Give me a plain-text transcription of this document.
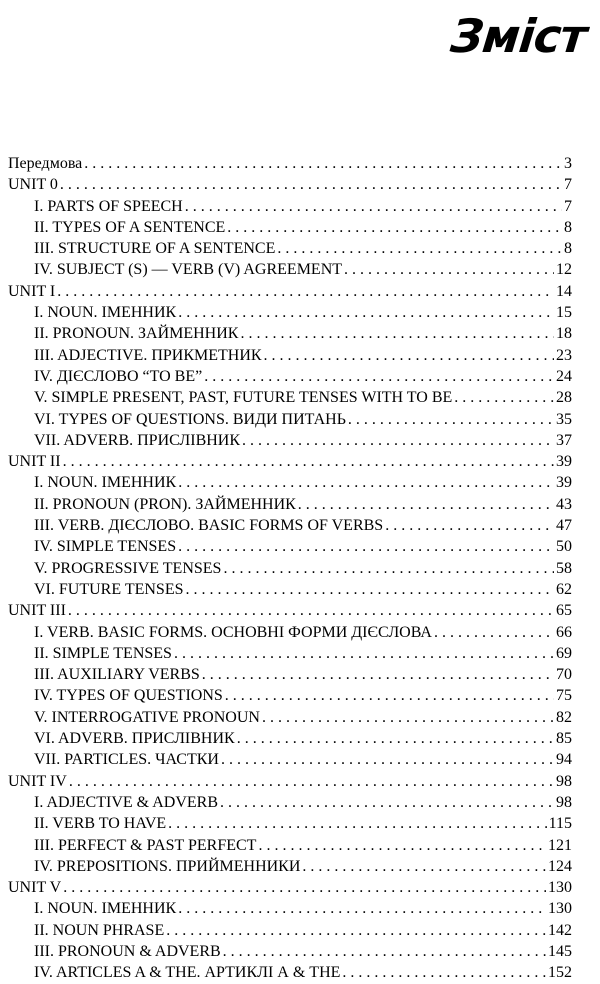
Зміст
Передмова . . .	3
UNIT 0 . . .	7
I. PARTS OF SPEECH . . .	7
II. TYPES OF A SENTENCE . . .	8
III. STRUCTURE OF A SENTENCE . . .	8
IV. SUBJECT (S) — VERB (V) AGREEMENT . . .	12
UNIT I . . .	14
I. NOUN. ІМЕННИК . . .	15
II. PRONOUN. ЗАЙМЕННИК . . .	18
III. ADJECTIVE. ПРИКМЕТНИК . . .	23
IV. ДІЄСЛОВО “TO BE” . . .	24
V. SIMPLE PRESENT, PAST, FUTURE TENSES WITH TO BE . . .	28
VI. TYPES OF QUESTIONS. ВИДИ ПИТАНЬ . . .	35
VII. ADVERB. ПРИСЛІВНИК . . .	37
UNIT II . . .	39
I. NOUN. ІМЕННИК . . .	39
II. PRONOUN (PRON). ЗАЙМЕННИК . . .	43
III. VERB. ДІЄСЛОВО. BASIC FORMS OF VERBS . . .	47
IV. SIMPLE TENSES . . .	50
V. PROGRESSIVE TENSES . . .	58
VI. FUTURE TENSES . . .	62
UNIT III . . .	65
I. VERB. BASIC FORMS. ОСНОВНІ ФОРМИ ДІЄСЛОВА . . .	66
II. SIMPLE TENSES . . .	69
III. AUXILIARY VERBS . . .	70
IV. TYPES OF QUESTIONS . . .	75
V. INTERROGATIVE PRONOUN . . .	82
VI. ADVERB. ПРИСЛІВНИК . . .	85
VII. PARTICLES. ЧАСТКИ . . .	94
UNIT IV . . .	98
I. ADJECTIVE & ADVERB . . .	98
II. VERB TO HAVE . . .	115
III. PERFECT & PAST PERFECT . . .	121
IV. PREPOSITIONS. ПРИЙМЕННИКИ . . .	124
UNIT V . . .	130
I. NOUN. ІМЕННИК . . .	130
II. NOUN PHRASE . . .	142
III. PRONOUN & ADVERB . . .	145
IV. ARTICLES A & THE. АРТИКЛІ А & THE . . .	152
